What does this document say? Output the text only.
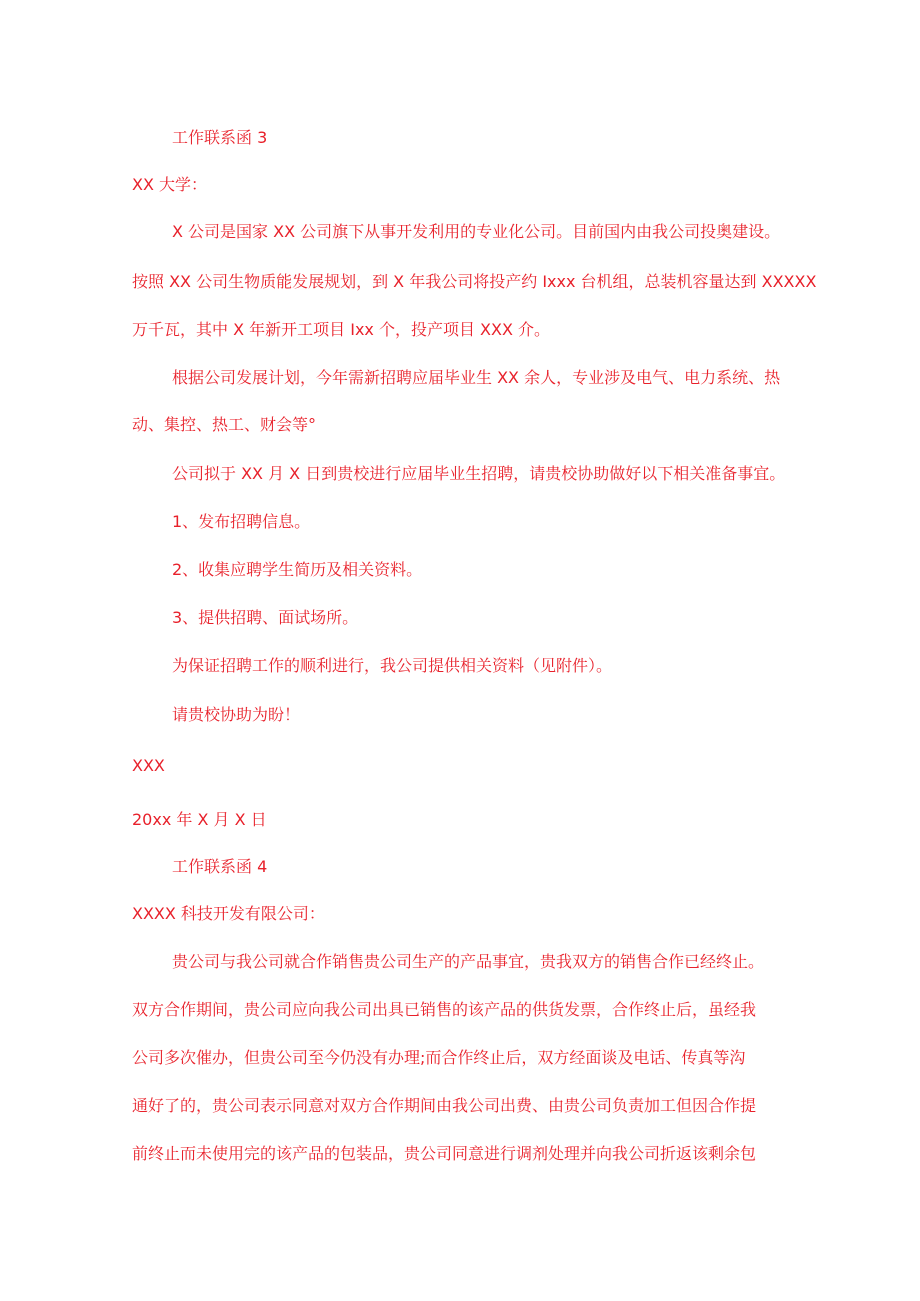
工作联系函 3

XX 大学：

X 公司是国家 XX 公司旗下从事开发利用的专业化公司。目前国内由我公司投奥建设。

按照 XX 公司生物质能发展规划，到 X 年我公司将投产约 Ixxx 台机组，总装机容量达到 XXXXX

万千瓦，其中 X 年新开工项目 Ixx 个，投产项目 XXX 介。

根据公司发展计划，今年需新招聘应届毕业生 XX 余人，专业涉及电气、电力系统、热

动、集控、热工、财会等°

公司拟于 XX 月 X 日到贵校进行应届毕业生招聘，请贵校协助做好以下相关准备事宜。

1、发布招聘信息。

2、收集应聘学生简历及相关资料。

3、提供招聘、面试场所。

为保证招聘工作的顺利进行，我公司提供相关资料（见附件）。

请贵校协助为盼！

XXX

20xx 年 X 月 X 日

工作联系函 4

XXXX 科技开发有限公司：

贵公司与我公司就合作销售贵公司生产的产品事宜，贵我双方的销售合作已经终止。

双方合作期间，贵公司应向我公司出具已销售的该产品的供货发票，合作终止后，虽经我

公司多次催办，但贵公司至今仍没有办理;而合作终止后，双方经面谈及电话、传真等沟

通好了的，贵公司表示同意对双方合作期间由我公司出费、由贵公司负责加工但因合作提

前终止而未使用完的该产品的包装品，贵公司同意进行调剂处理并向我公司折返该剩余包
